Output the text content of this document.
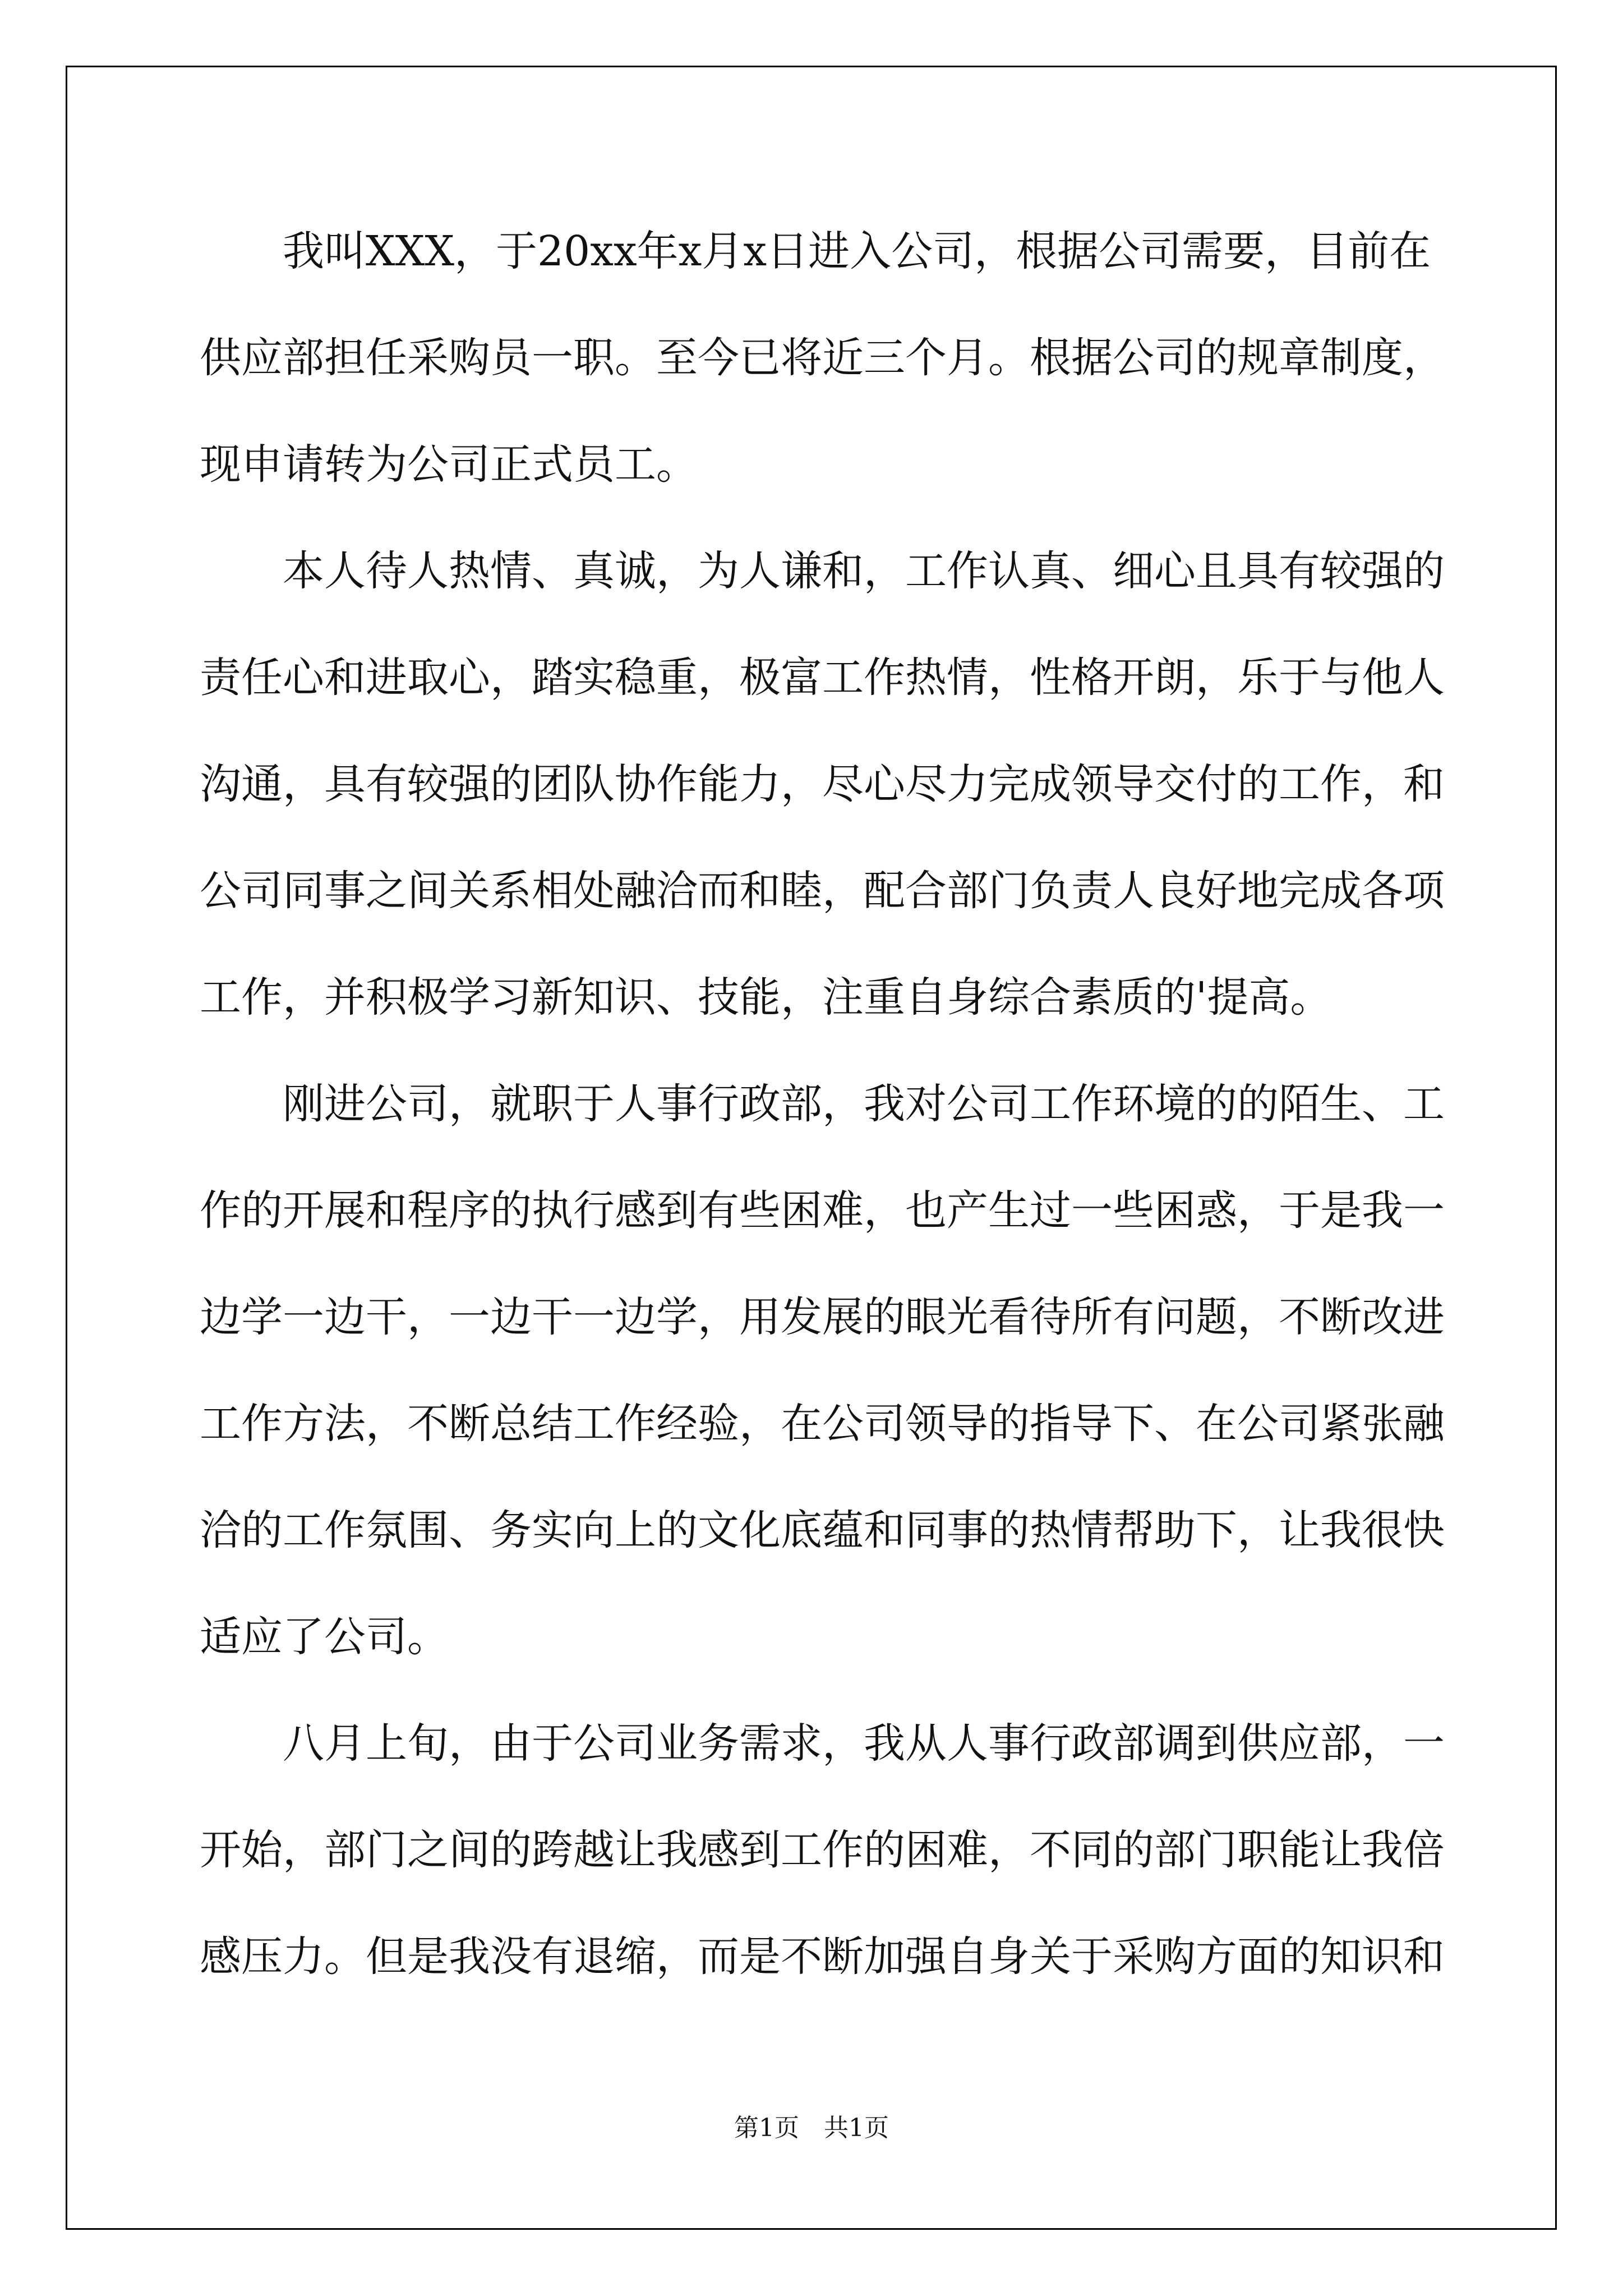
我叫XXX，于20xx年x月x日进入公司，根据公司需要，目前在

供应部担任采购员一职。至今已将近三个月。根据公司的规章制度，

现申请转为公司正式员工。

本人待人热情、真诚，为人谦和，工作认真、细心且具有较强的

责任心和进取心，踏实稳重，极富工作热情，性格开朗，乐于与他人

沟通，具有较强的团队协作能力，尽心尽力完成领导交付的工作，和

公司同事之间关系相处融洽而和睦，配合部门负责人良好地完成各项

工作，并积极学习新知识、技能，注重自身综合素质的'提高。

刚进公司，就职于人事行政部，我对公司工作环境的的陌生、工

作的开展和程序的执行感到有些困难，也产生过一些困惑，于是我一

边学一边干，一边干一边学，用发展的眼光看待所有问题，不断改进

工作方法，不断总结工作经验，在公司领导的指导下、在公司紧张融

洽的工作氛围、务实向上的文化底蕴和同事的热情帮助下，让我很快

适应了公司。

八月上旬，由于公司业务需求，我从人事行政部调到供应部，一

开始，部门之间的跨越让我感到工作的困难，不同的部门职能让我倍

感压力。但是我没有退缩，而是不断加强自身关于采购方面的知识和

第1页　共1页
